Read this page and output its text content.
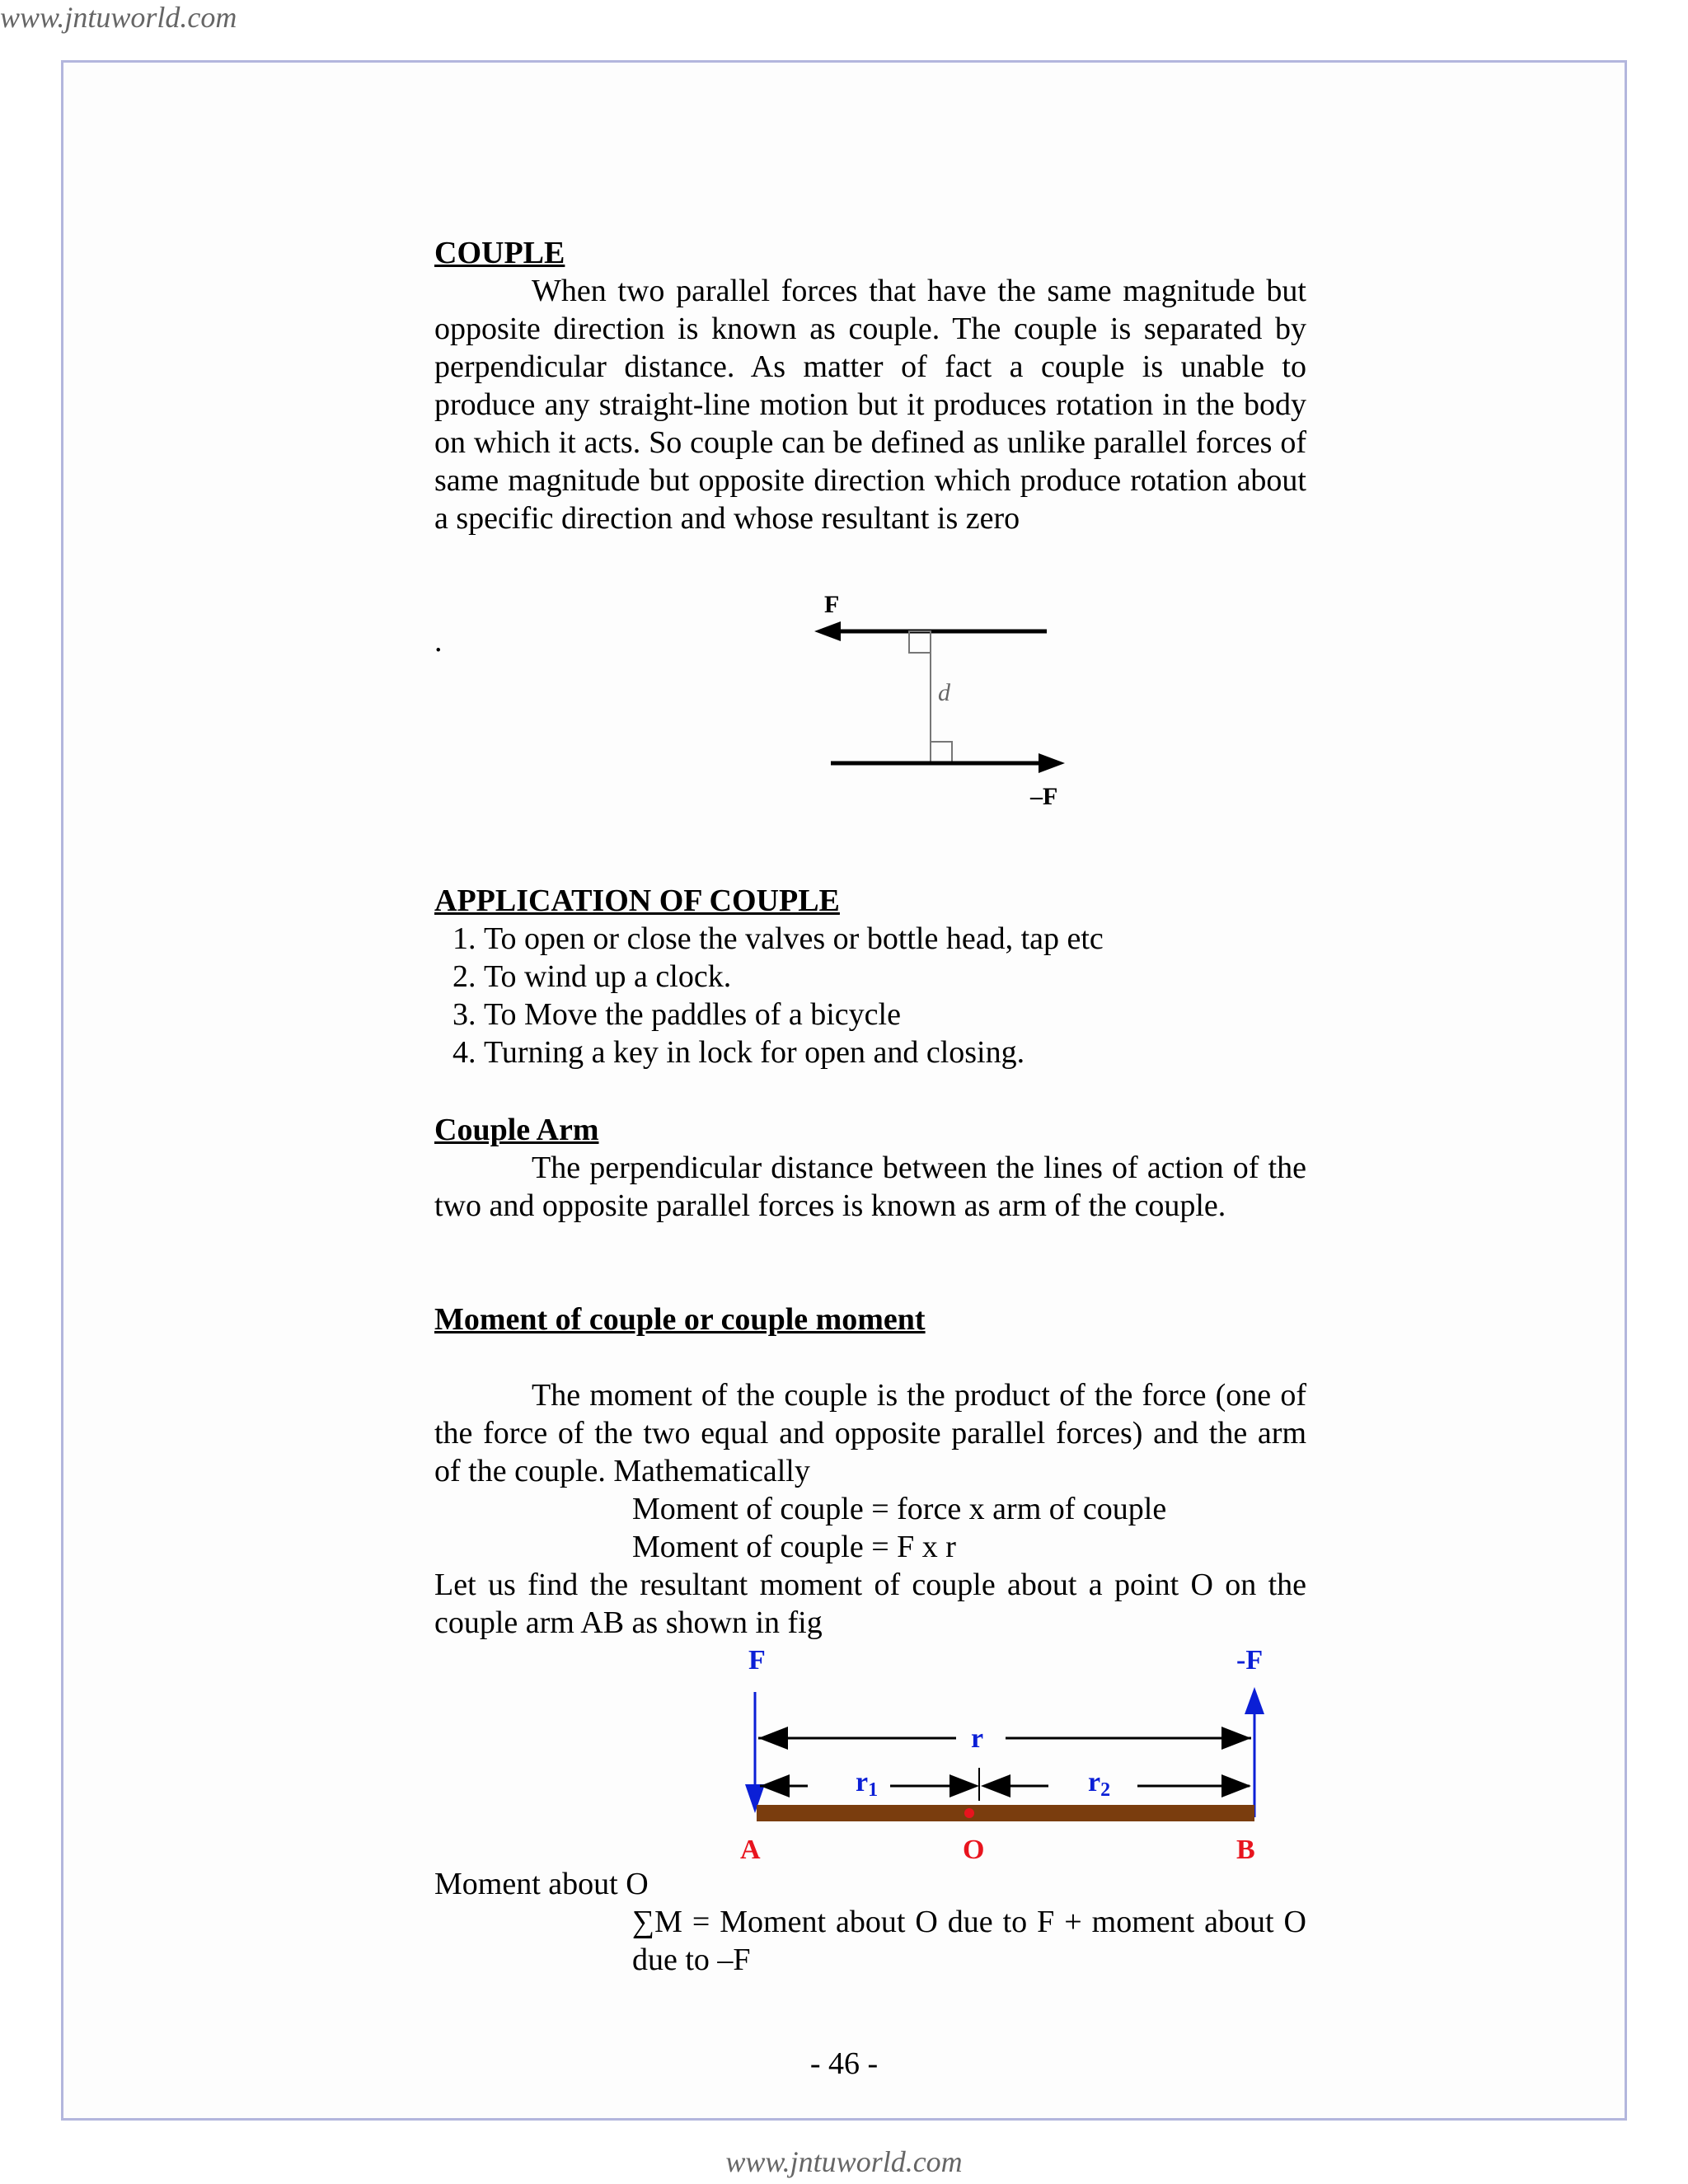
www.jntuworld.com
COUPLE
When two parallel forces that have the same magnitude but opposite direction is known as couple. The couple is separated by perpendicular distance. As matter of fact a couple is unable to produce any straight-line motion but it produces rotation in the body on which it acts. So couple can be defined as unlike parallel forces of same magnitude but opposite direction which produce rotation about a specific direction and whose resultant is zero
.
F
d
–F
APPLICATION OF COUPLE
1. To open or close the valves or bottle head, tap etc
2. To wind up a clock.
3. To Move the paddles of a bicycle
4. Turning a key in lock for open and closing.
Couple Arm
The perpendicular distance between the lines of action of the two and opposite parallel forces is known as arm of the couple.
Moment of couple or couple moment
The moment of the couple is the product of the force (one of the force of the two equal and opposite parallel forces) and the arm of the couple. Mathematically
Moment of couple = force x arm of couple
Moment of couple = F x r
Let us find the resultant moment of couple about a point O on the couple arm AB as shown in fig
F	-F
r
r1	r2
A	O	B
Moment about O
∑M = Moment about O due to F + moment about O due to –F
- 46 -
www.jntuworld.com
